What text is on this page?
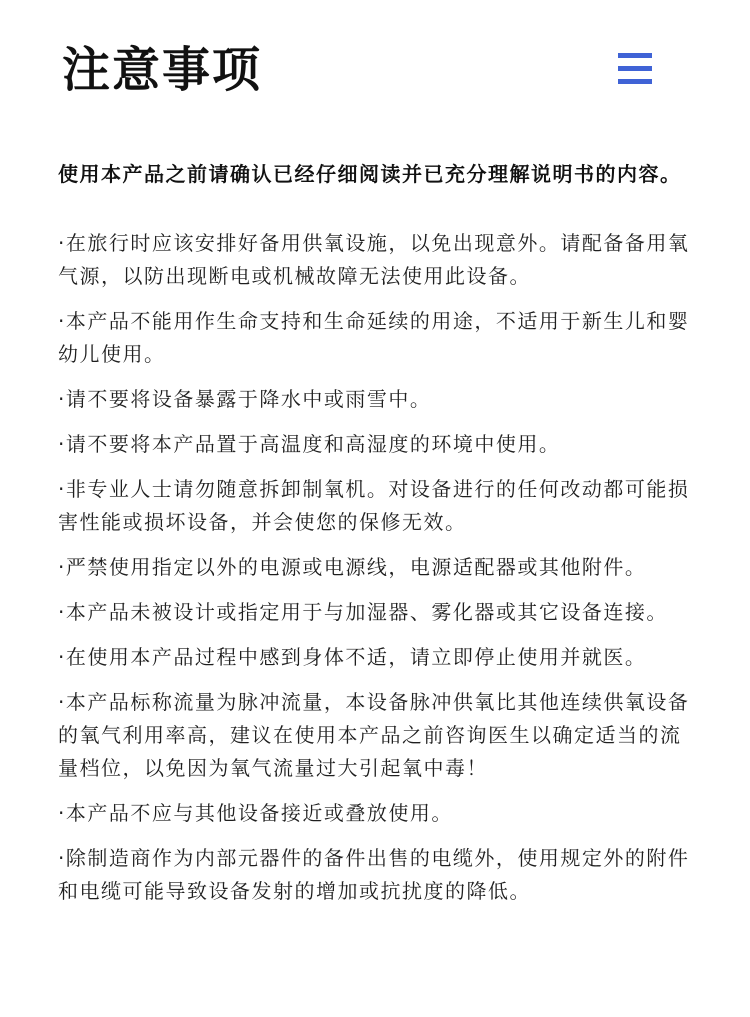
注意事项

使用本产品之前请确认已经仔细阅读并已充分理解说明书的内容。

·在旅行时应该安排好备用供氧设施，以免出现意外。请配备备用氧气源，以防出现断电或机械故障无法使用此设备。
·本产品不能用作生命支持和生命延续的用途，不适用于新生儿和婴幼儿使用。
·请不要将设备暴露于降水中或雨雪中。
·请不要将本产品置于高温度和高湿度的环境中使用。
·非专业人士请勿随意拆卸制氧机。对设备进行的任何改动都可能损害性能或损坏设备，并会使您的保修无效。
·严禁使用指定以外的电源或电源线，电源适配器或其他附件。
·本产品未被设计或指定用于与加湿器、雾化器或其它设备连接。
·在使用本产品过程中感到身体不适，请立即停止使用并就医。
·本产品标称流量为脉冲流量，本设备脉冲供氧比其他连续供氧设备的氧气利用率高，建议在使用本产品之前咨询医生以确定适当的流量档位，以免因为氧气流量过大引起氧中毒！
·本产品不应与其他设备接近或叠放使用。
·除制造商作为内部元器件的备件出售的电缆外，使用规定外的附件和电缆可能导致设备发射的增加或抗扰度的降低。
